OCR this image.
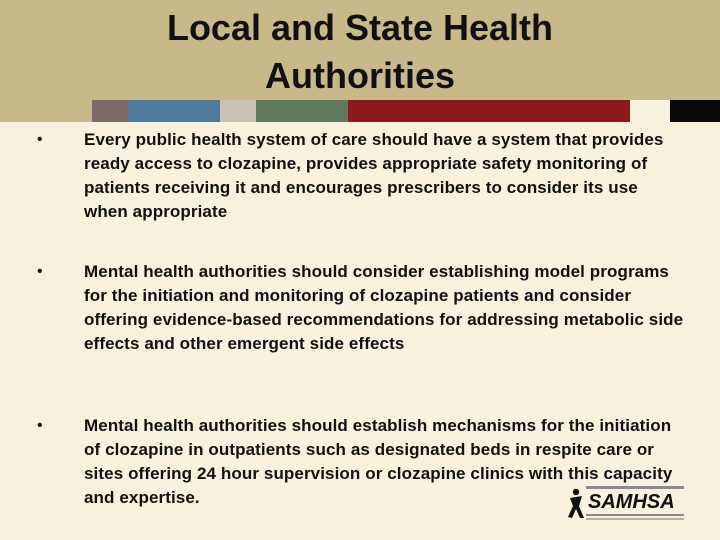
Local and State Health
Authorities
• Every public health system of care should have a system that provides ready access to clozapine, provides appropriate safety monitoring of patients receiving it and encourages prescribers to consider its use when appropriate
• Mental health authorities should consider establishing model programs for the initiation and monitoring of clozapine patients and consider offering evidence-based recommendations for addressing metabolic side effects and other emergent side effects
• Mental health authorities should establish mechanisms for the initiation of clozapine in outpatients such as designated beds in respite care or sites offering 24 hour supervision or clozapine clinics with this capacity and expertise.	SAMHSA
